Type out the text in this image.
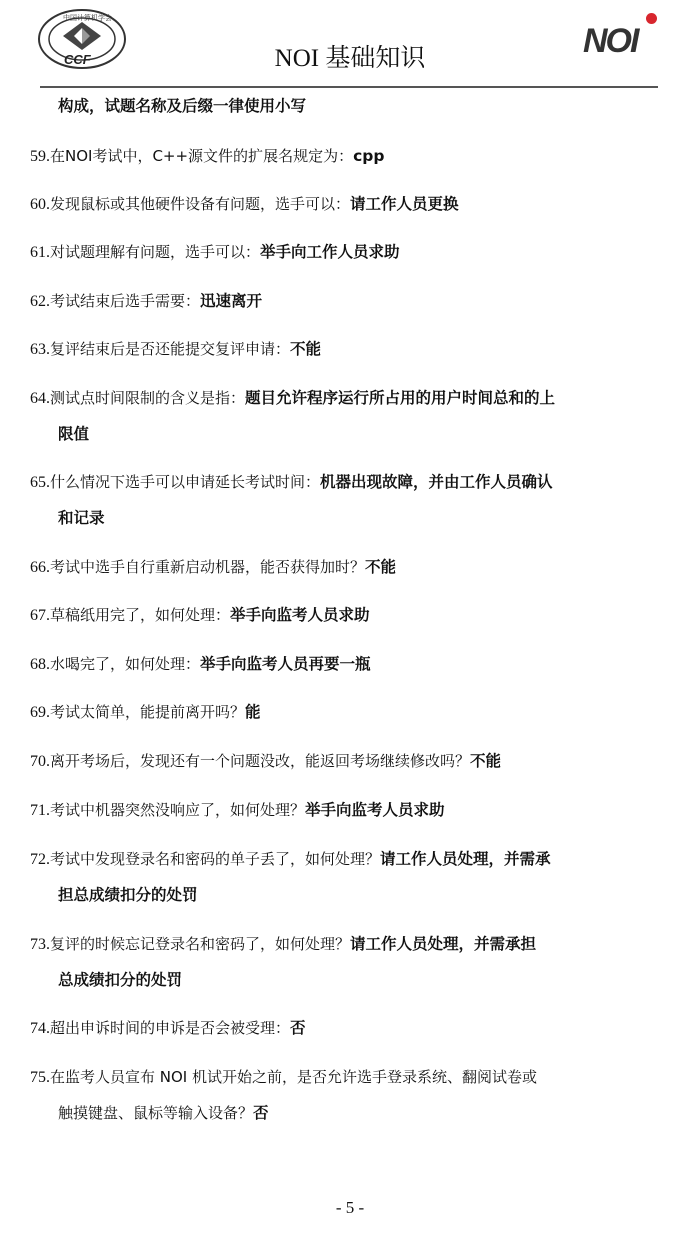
中国计算机学会
CCF	NOI 基础知识	NOI
构成，试题名称及后缀一律使用小写
59.在NOI考试中，C++源文件的扩展名规定为：cpp
60.发现鼠标或其他硬件设备有问题，选手可以：请工作人员更换
61.对试题理解有问题，选手可以：举手向工作人员求助
62.考试结束后选手需要：迅速离开
63.复评结束后是否还能提交复评申请：不能
64.测试点时间限制的含义是指：题目允许程序运行所占用的用户时间总和的上
限值
65.什么情况下选手可以申请延长考试时间：机器出现故障，并由工作人员确认
和记录
66.考试中选手自行重新启动机器，能否获得加时？不能
67.草稿纸用完了，如何处理：举手向监考人员求助
68.水喝完了，如何处理：举手向监考人员再要一瓶
69.考试太简单，能提前离开吗？能
70.离开考场后，发现还有一个问题没改，能返回考场继续修改吗？不能
71.考试中机器突然没响应了，如何处理？举手向监考人员求助
72.考试中发现登录名和密码的单子丢了，如何处理？请工作人员处理，并需承
担总成绩扣分的处罚
73.复评的时候忘记登录名和密码了，如何处理？请工作人员处理，并需承担
总成绩扣分的处罚
74.超出申诉时间的申诉是否会被受理：否
75.在监考人员宣布 NOI 机试开始之前，是否允许选手登录系统、翻阅试卷或
触摸键盘、鼠标等输入设备？否
- 5 -
